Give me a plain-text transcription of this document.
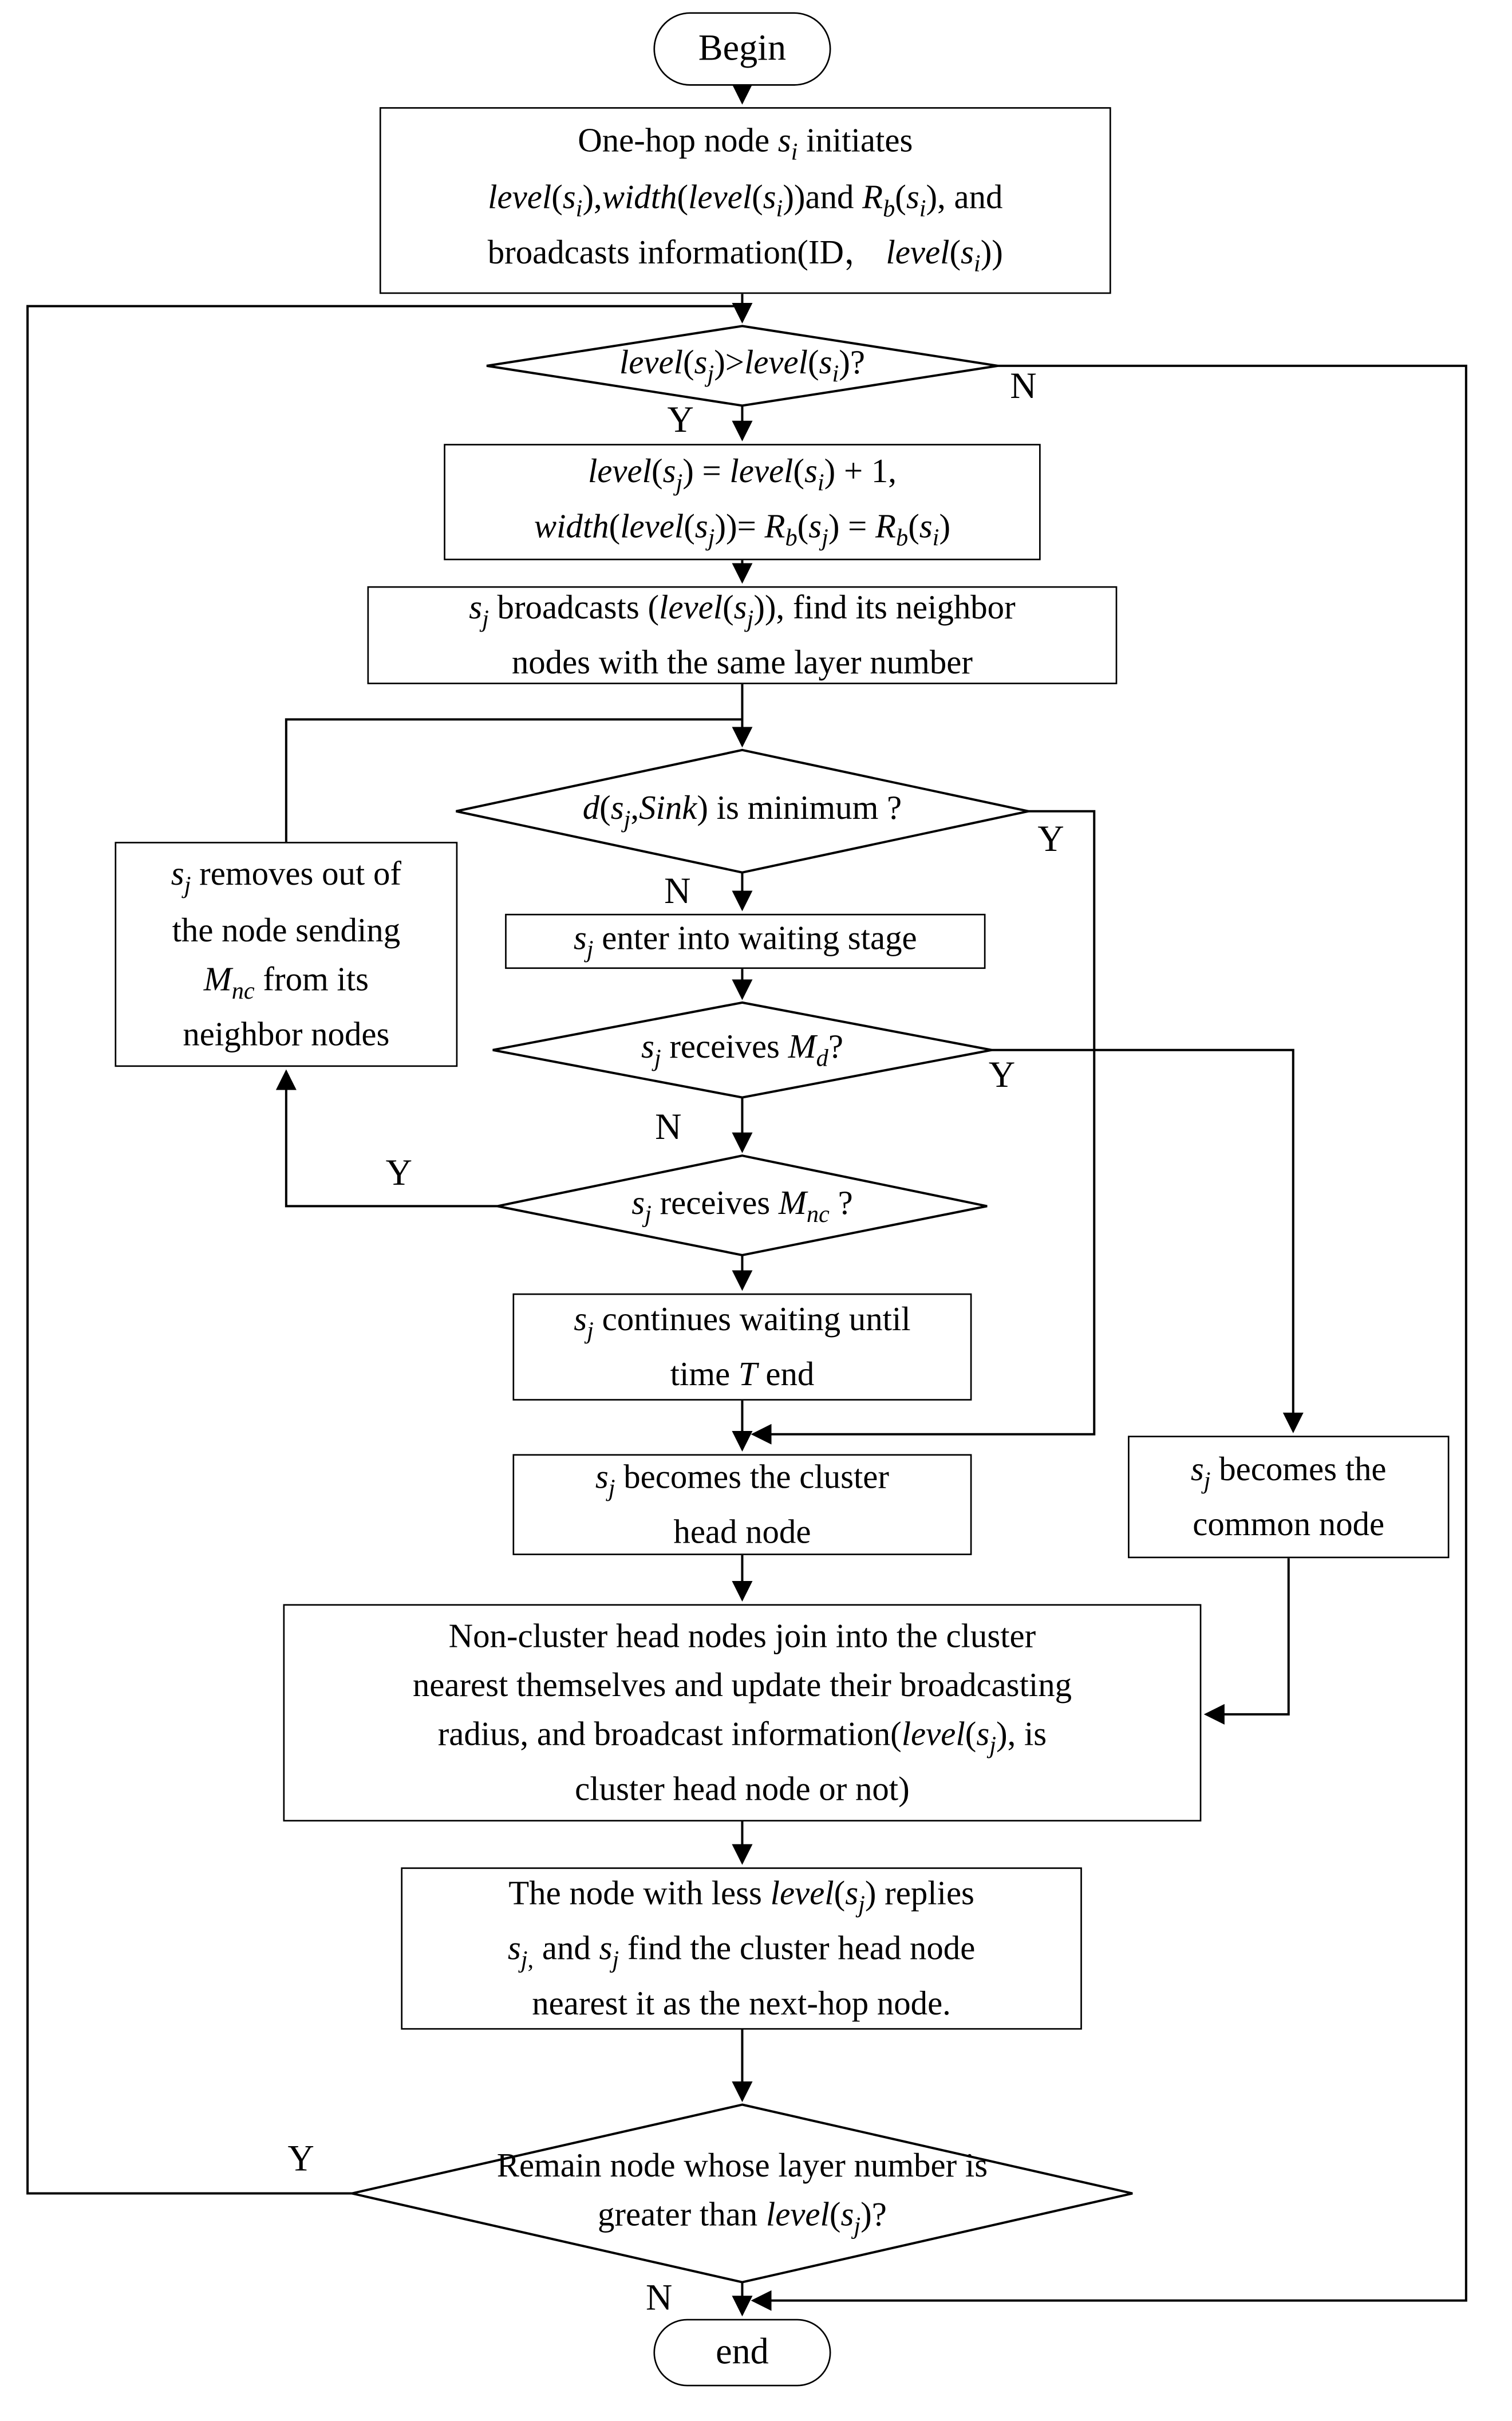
Begin
One-hop node $s_i$ initiates
$level(s_i),width(level(s_i))and$ $R_b(s_i)$, and
broadcasts information(ID， $level(s_i)$)
$level(s_j)$ = $level(s_i) + 1$,
$width(level(s_j))= R_b(s_j) = R_b(s_i)$
$s_j$ broadcasts $(level(s_j))$, find its neighbor
nodes with the same layer number
$s_j$ enter into waiting stage
$s_j$ removes out of
the node sending
$M_{nc}$ from its
neighbor nodes
$s_j$ continues waiting until
time T end
$s_j$ becomes the cluster
head node
$s_j$ becomes the
common node
Non-cluster head nodes join into the cluster
nearest themselves and update their broadcasting
radius, and broadcast $information(level(s_j)$, is
cluster head node or not)
The node with less $level(s_j)$ replies
$s_{j,}$ and $s_j$ find the cluster head node
nearest it as the next-hop node.
end
$level(s_j)>level(s_i)$?
$d(s_j,Sink)$ is minimum ?
$s_j$ receives $M_d$?
$s_j$ receives $M_{nc}$ ?
Remain node whose layer number is
greater than $level(s_j)$?
Y
N
Y
N
Y
N
Y
Y
N
